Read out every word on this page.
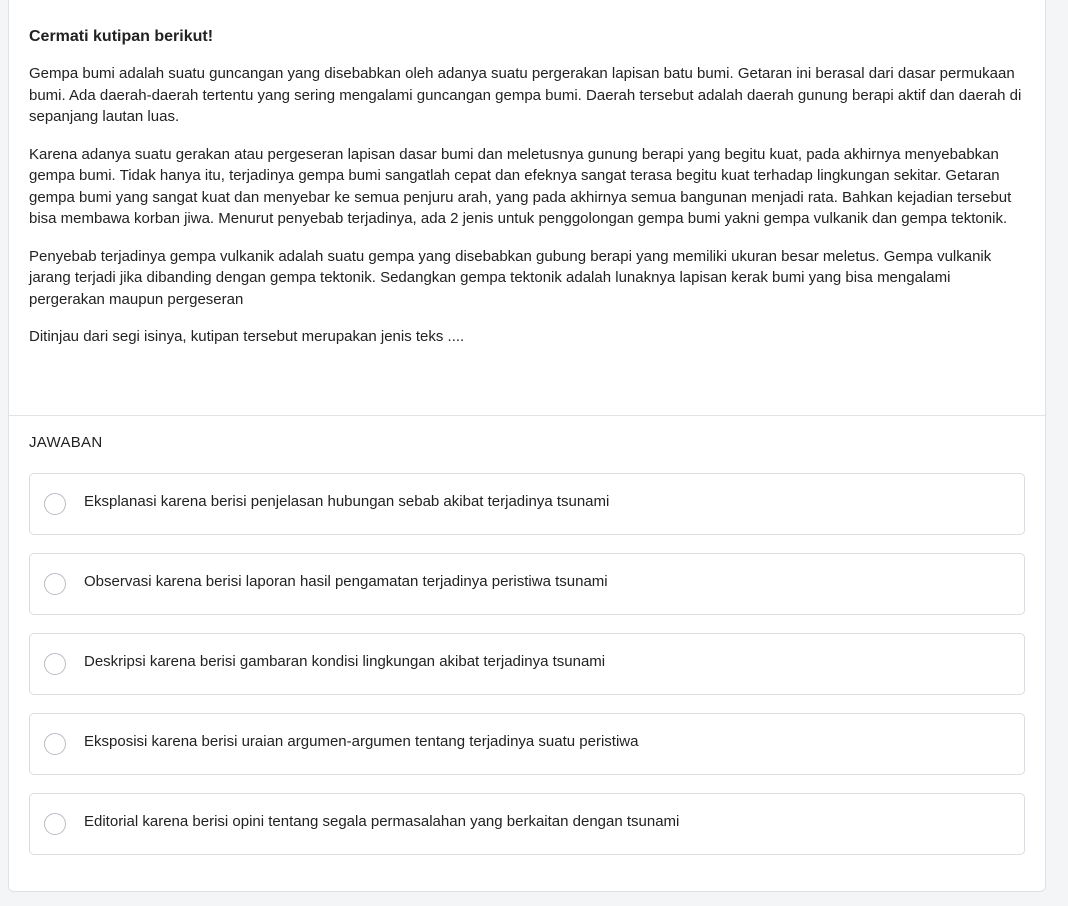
Cermati kutipan berikut!

Gempa bumi adalah suatu guncangan yang disebabkan oleh adanya suatu pergerakan lapisan batu bumi. Getaran ini berasal dari dasar permukaan bumi. Ada daerah-daerah tertentu yang sering mengalami guncangan gempa bumi. Daerah tersebut adalah daerah gunung berapi aktif dan daerah di sepanjang lautan luas.

Karena adanya suatu gerakan atau pergeseran lapisan dasar bumi dan meletusnya gunung berapi yang begitu kuat, pada akhirnya menyebabkan gempa bumi. Tidak hanya itu, terjadinya gempa bumi sangatlah cepat dan efeknya sangat terasa begitu kuat terhadap lingkungan sekitar. Getaran gempa bumi yang sangat kuat dan menyebar ke semua penjuru arah, yang pada akhirnya semua bangunan menjadi rata. Bahkan kejadian tersebut bisa membawa korban jiwa. Menurut penyebab terjadinya, ada 2 jenis untuk penggolongan gempa bumi yakni gempa vulkanik dan gempa tektonik.

Penyebab terjadinya gempa vulkanik adalah suatu gempa yang disebabkan gubung berapi yang memiliki ukuran besar meletus. Gempa vulkanik jarang terjadi jika dibanding dengan gempa tektonik. Sedangkan gempa tektonik adalah lunaknya lapisan kerak bumi yang bisa mengalami pergerakan maupun pergeseran

Ditinjau dari segi isinya, kutipan tersebut merupakan jenis teks ....

JAWABAN
Eksplanasi karena berisi penjelasan hubungan sebab akibat terjadinya tsunami
Observasi karena berisi laporan hasil pengamatan terjadinya peristiwa tsunami
Deskripsi karena berisi gambaran kondisi lingkungan akibat terjadinya tsunami
Eksposisi karena berisi uraian argumen-argumen tentang terjadinya suatu peristiwa
Editorial karena berisi opini tentang segala permasalahan yang berkaitan dengan tsunami
